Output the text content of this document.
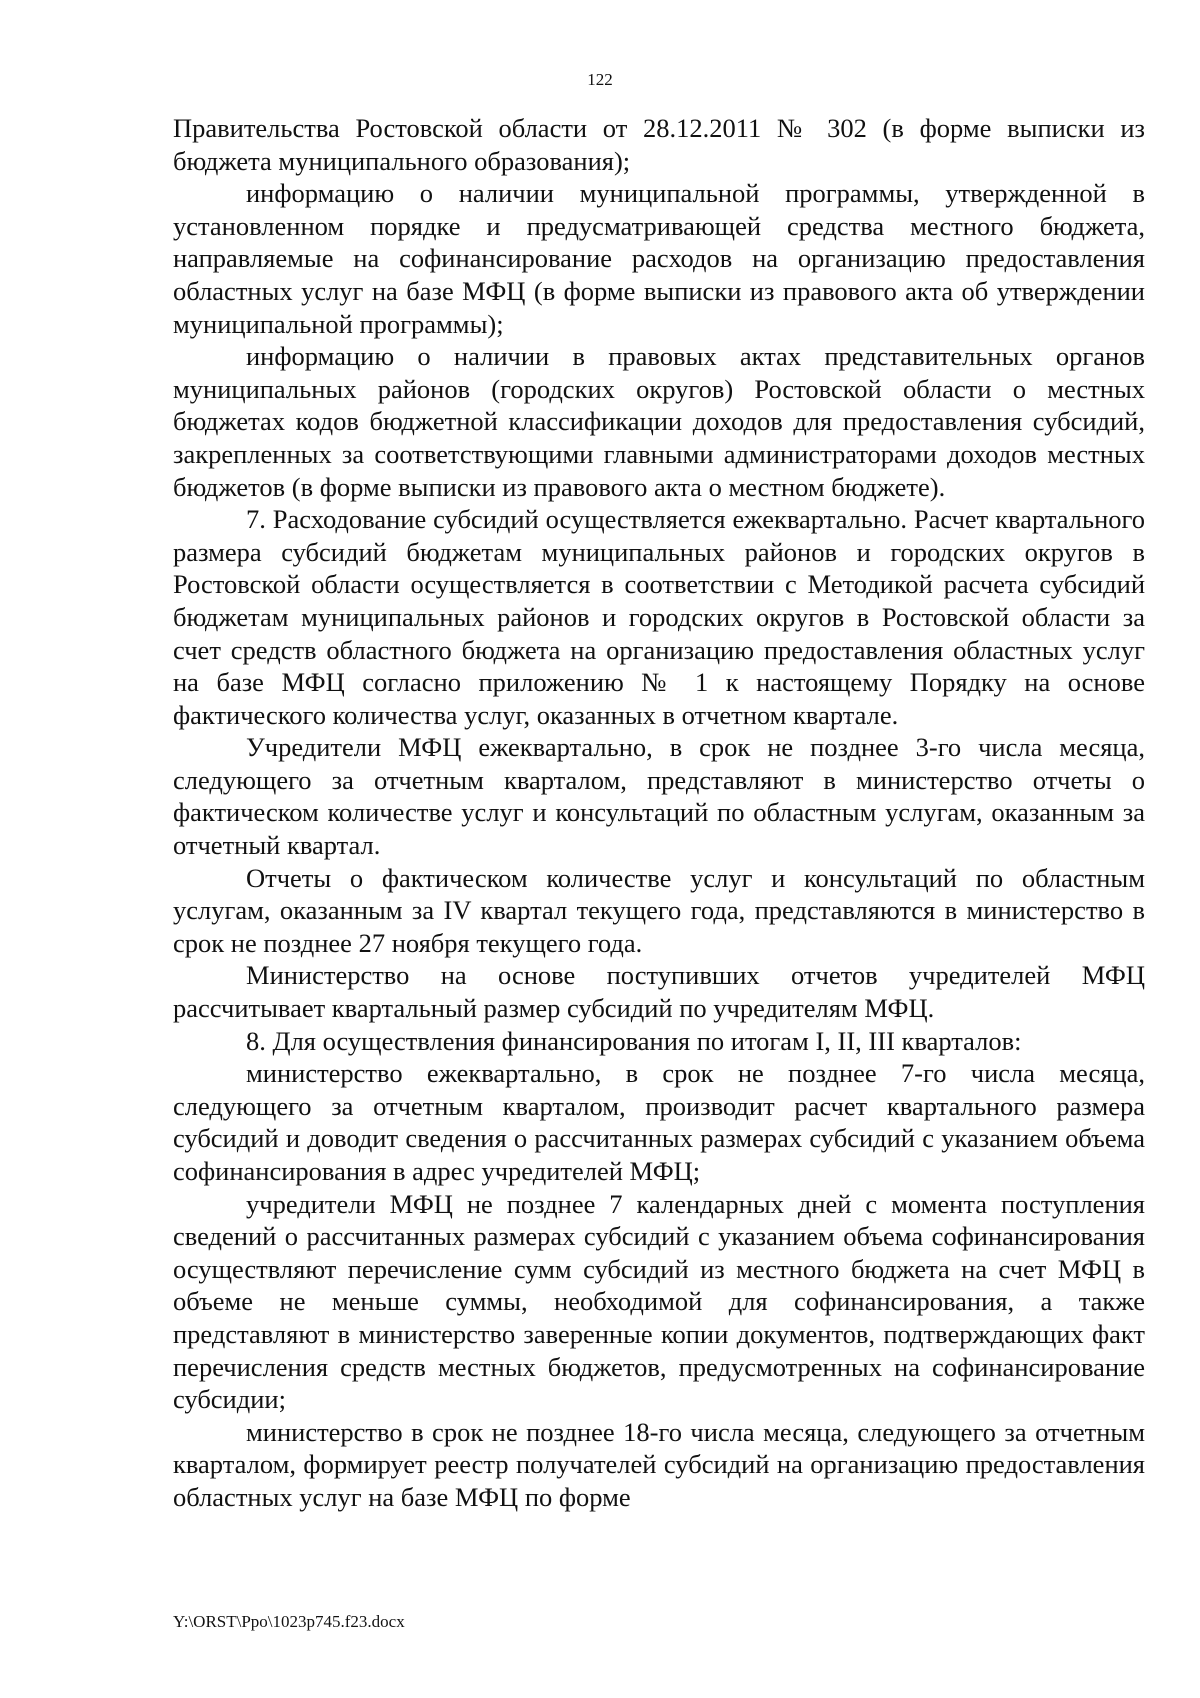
122

Правительства Ростовской области от 28.12.2011 № 302 (в форме выписки из бюджета муниципального образования);

информацию о наличии муниципальной программы, утвержденной в установленном порядке и предусматривающей средства местного бюджета, направляемые на софинансирование расходов на организацию предоставления областных услуг на базе МФЦ (в форме выписки из правового акта об утверждении муниципальной программы);

информацию о наличии в правовых актах представительных органов муниципальных районов (городских округов) Ростовской области о местных бюджетах кодов бюджетной классификации доходов для предоставления субсидий, закрепленных за соответствующими главными администраторами доходов местных бюджетов (в форме выписки из правового акта о местном бюджете).

7. Расходование субсидий осуществляется ежеквартально. Расчет квартального размера субсидий бюджетам муниципальных районов и городских округов в Ростовской области осуществляется в соответствии с Методикой расчета субсидий бюджетам муниципальных районов и городских округов в Ростовской области за счет средств областного бюджета на организацию предоставления областных услуг на базе МФЦ согласно приложению № 1 к настоящему Порядку на основе фактического количества услуг, оказанных в отчетном квартале.

Учредители МФЦ ежеквартально, в срок не позднее 3-го числа месяца, следующего за отчетным кварталом, представляют в министерство отчеты о фактическом количестве услуг и консультаций по областным услугам, оказанным за отчетный квартал.

Отчеты о фактическом количестве услуг и консультаций по областным услугам, оказанным за IV квартал текущего года, представляются в министерство в срок не позднее 27 ноября текущего года.

Министерство на основе поступивших отчетов учредителей МФЦ рассчитывает квартальный размер субсидий по учредителям МФЦ.

8. Для осуществления финансирования по итогам I, II, III кварталов:

министерство ежеквартально, в срок не позднее 7-го числа месяца, следующего за отчетным кварталом, производит расчет квартального размера субсидий и доводит сведения о рассчитанных размерах субсидий с указанием объема софинансирования в адрес учредителей МФЦ;

учредители МФЦ не позднее 7 календарных дней с момента поступления сведений о рассчитанных размерах субсидий с указанием объема софинансирования осуществляют перечисление сумм субсидий из местного бюджета на счет МФЦ в объеме не меньше суммы, необходимой для софинансирования, а также представляют в министерство заверенные копии документов, подтверждающих факт перечисления средств местных бюджетов, предусмотренных на софинансирование субсидии;

министерство в срок не позднее 18-го числа месяца, следующего за отчетным кварталом, формирует реестр получателей субсидий на организацию предоставления областных услуг на базе МФЦ по форме

Y:\ORST\Ppo\1023p745.f23.docx
